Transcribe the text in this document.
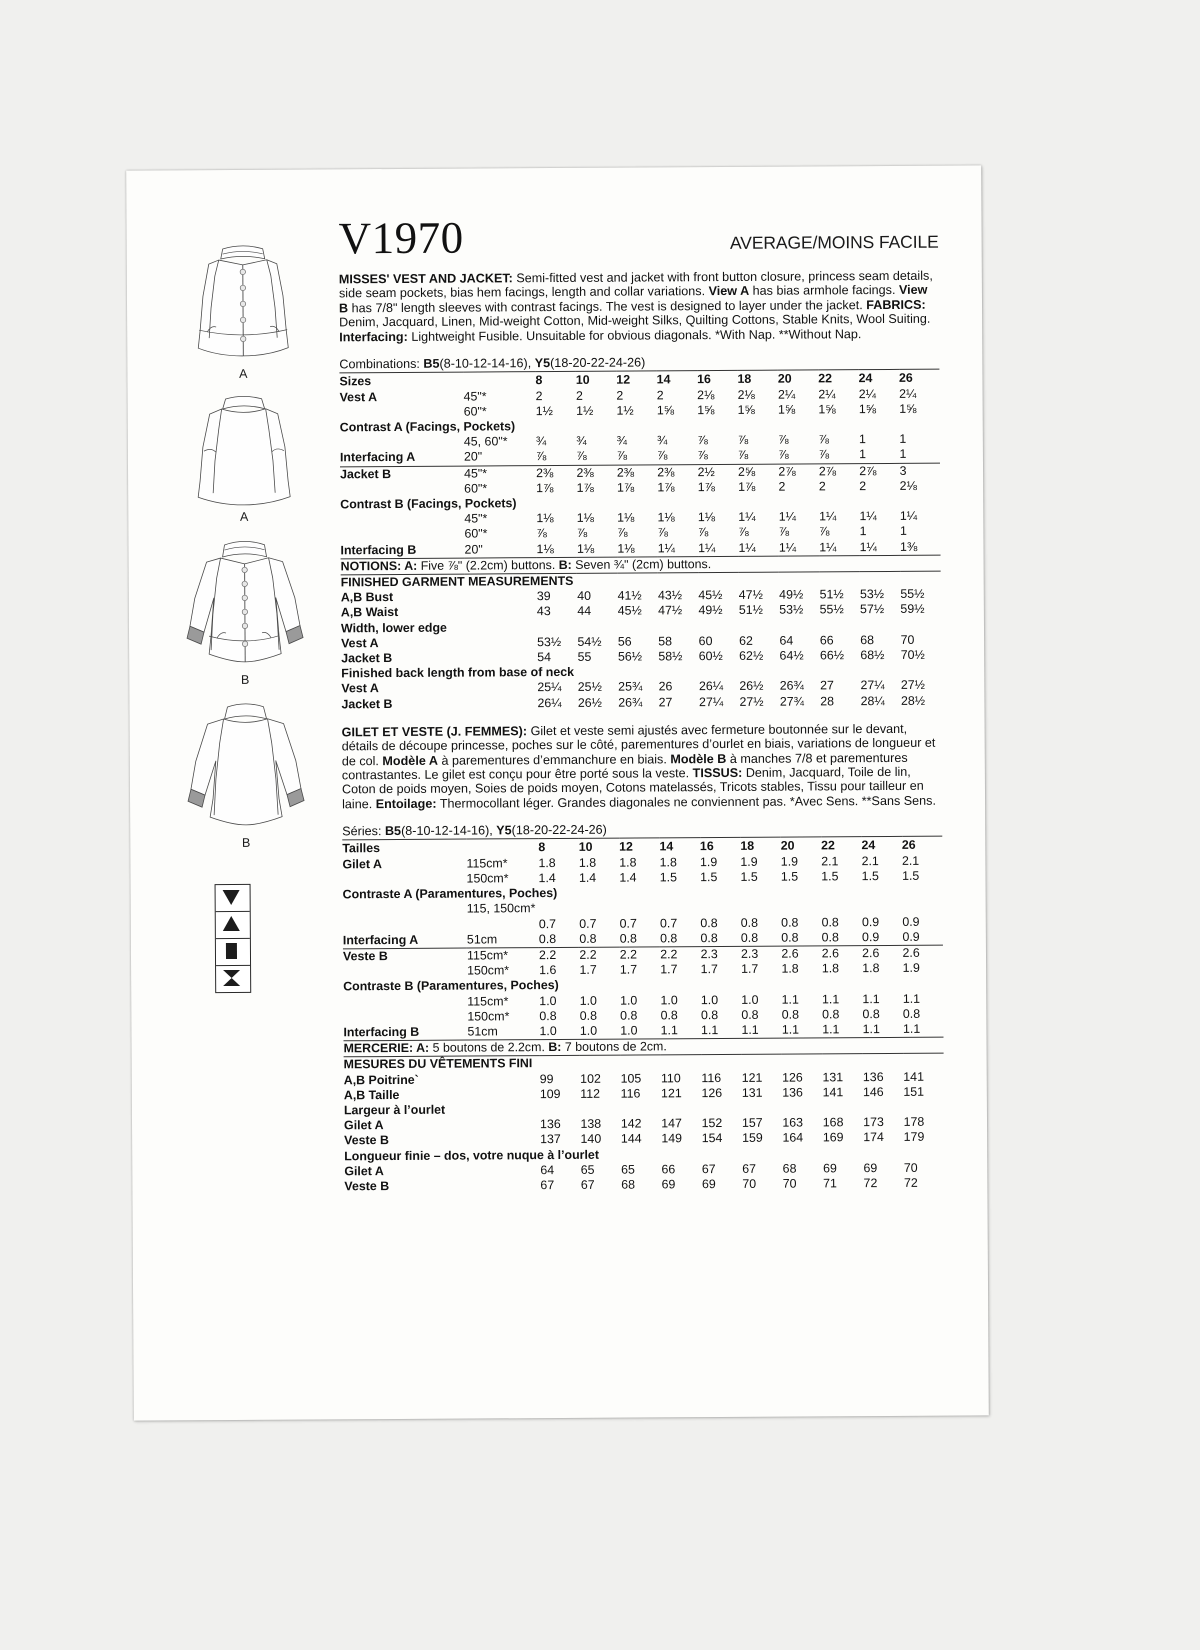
A
A
B
B
V1970	AVERAGE/MOINS FACILE
MISSES' VEST AND JACKET: Semi-fitted vest and jacket with front button closure, princess seam details, side seam pockets, bias hem facings, length and collar variations. View A has bias armhole facings. View B has 7/8" length sleeves with contrast facings. The vest is designed to layer under the jacket. FABRICS: Denim, Jacquard, Linen, Mid-weight Cotton, Mid-weight Silks, Quilting Cottons, Stable Knits, Wool Suiting. Interfacing: Lightweight Fusible. Unsuitable for obvious diagonals. *With Nap. **Without Nap.
Combinations: B5(8-10-12-14-16), Y5(18-20-22-24-26)
Sizes		8	10	12	14	16	18	20	22	24	26
Vest A	45"*	2	2	2	2	2⅛	2⅛	2¼	2¼	2¼	2¼
	60"*	1½	1½	1½	1⅝	1⅝	1⅝	1⅝	1⅝	1⅝	1⅝
Contrast A (Facings, Pockets)											
	45, 60"*	¾	¾	¾	¾	⅞	⅞	⅞	⅞	1	1
Interfacing A	20"	⅞	⅞	⅞	⅞	⅞	⅞	⅞	⅞	1	1
Jacket B	45"*	2⅜	2⅜	2⅜	2⅜	2½	2⅝	2⅞	2⅞	2⅞	3
	60"*	1⅞	1⅞	1⅞	1⅞	1⅞	1⅞	2	2	2	2⅛
Contrast B (Facings, Pockets)											
	45"*	1⅛	1⅛	1⅛	1⅛	1⅛	1¼	1¼	1¼	1¼	1¼
	60"*	⅞	⅞	⅞	⅞	⅞	⅞	⅞	⅞	1	1
Interfacing B	20"	1⅛	1⅛	1⅛	1¼	1¼	1¼	1¼	1¼	1¼	1⅜
NOTIONS: A: Five ⅞" (2.2cm) buttons. B: Seven ¾" (2cm) buttons.											
FINISHED GARMENT MEASUREMENTS											
A,B Bust		39	40	41½	43½	45½	47½	49½	51½	53½	55½
A,B Waist		43	44	45½	47½	49½	51½	53½	55½	57½	59½
Width, lower edge											
Vest A		53½	54½	56	58	60	62	64	66	68	70
Jacket B		54	55	56½	58½	60½	62½	64½	66½	68½	70½
Finished back length from base of neck											
Vest A		25¼	25½	25¾	26	26¼	26½	26¾	27	27¼	27½
Jacket B		26¼	26½	26¾	27	27¼	27½	27¾	28	28¼	28½
GILET ET VESTE (J. FEMMES): Gilet et veste semi ajustés avec fermeture boutonnée sur le devant, détails de découpe princesse, poches sur le côté, parementures d’ourlet en biais, variations de longueur et de col. Modèle A à parementures d’emmanchure en biais. Modèle B à manches 7/8 et parementures contrastantes. Le gilet est conçu pour être porté sous la veste. TISSUS: Denim, Jacquard, Toile de lin, Coton de poids moyen, Soies de poids moyen, Cotons matelassés, Tricots stables, Tissu pour tailleur en laine. Entoilage: Thermocollant léger. Grandes diagonales ne conviennent pas. *Avec Sens. **Sans Sens.
Séries: B5(8-10-12-14-16), Y5(18-20-22-24-26)
Tailles		8	10	12	14	16	18	20	22	24	26
Gilet A	115cm*	1.8	1.8	1.8	1.8	1.9	1.9	1.9	2.1	2.1	2.1
	150cm*	1.4	1.4	1.4	1.5	1.5	1.5	1.5	1.5	1.5	1.5
Contraste A (Paramentures, Poches)											
	115, 150cm*										
		0.7	0.7	0.7	0.7	0.8	0.8	0.8	0.8	0.9	0.9
Interfacing A	51cm	0.8	0.8	0.8	0.8	0.8	0.8	0.8	0.8	0.9	0.9
Veste B	115cm*	2.2	2.2	2.2	2.2	2.3	2.3	2.6	2.6	2.6	2.6
	150cm*	1.6	1.7	1.7	1.7	1.7	1.7	1.8	1.8	1.8	1.9
Contraste B (Paramentures, Poches)											
	115cm*	1.0	1.0	1.0	1.0	1.0	1.0	1.1	1.1	1.1	1.1
	150cm*	0.8	0.8	0.8	0.8	0.8	0.8	0.8	0.8	0.8	0.8
Interfacing B	51cm	1.0	1.0	1.0	1.1	1.1	1.1	1.1	1.1	1.1	1.1
MERCERIE: A: 5 boutons de 2.2cm. B: 7 boutons de 2cm.											
MESURES DU VÊTEMENTS FINI											
A,B Poitrine`		99	102	105	110	116	121	126	131	136	141
A,B Taille		109	112	116	121	126	131	136	141	146	151
Largeur à l’ourlet											
Gilet A		136	138	142	147	152	157	163	168	173	178
Veste B		137	140	144	149	154	159	164	169	174	179
Longueur finie – dos, votre nuque à l’ourlet											
Gilet A		64	65	65	66	67	67	68	69	69	70
Veste B		67	67	68	69	69	70	70	71	72	72
